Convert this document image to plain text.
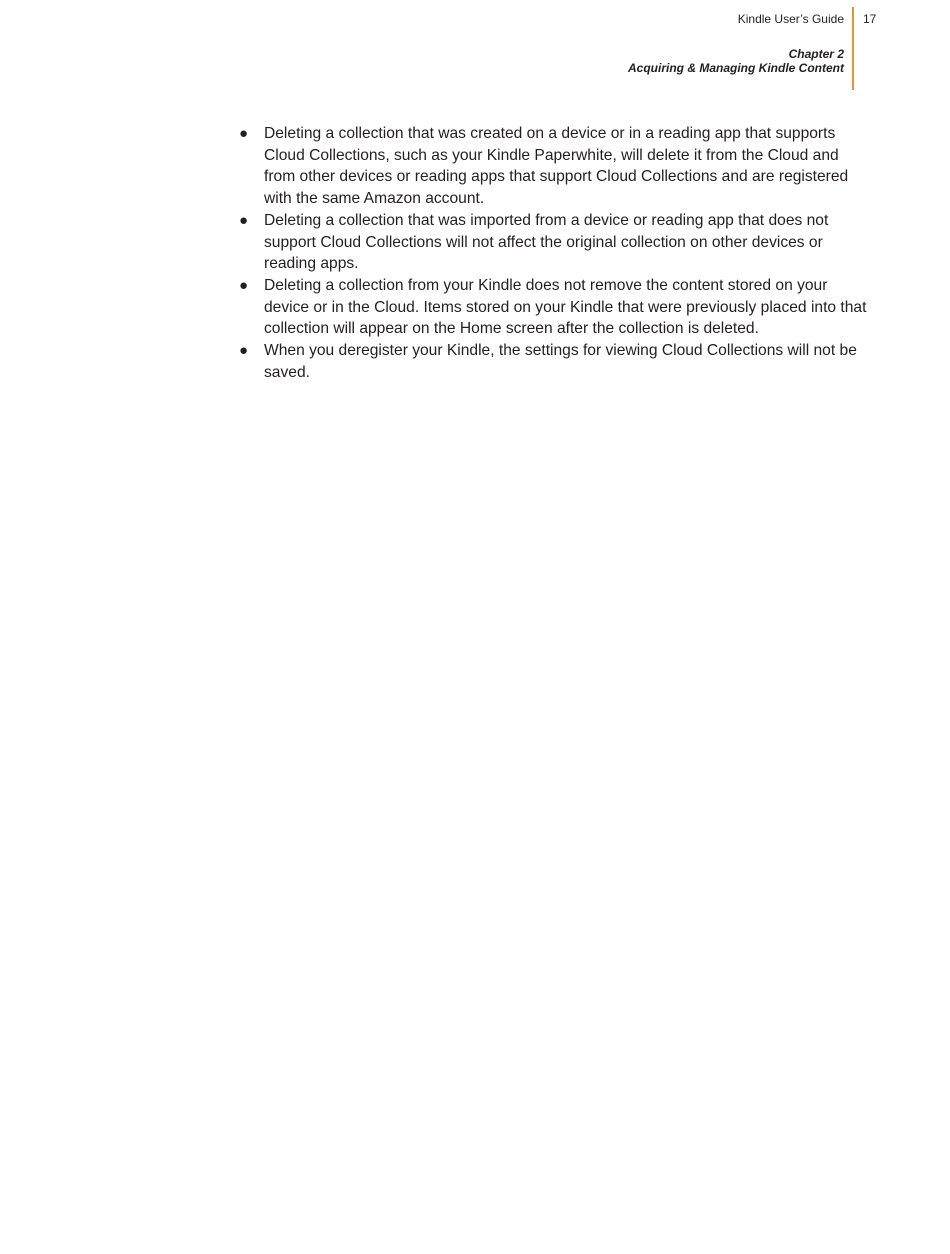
Kindle User’s Guide 17
Chapter 2
Acquiring & Managing Kindle Content
● Deleting a collection that was created on a device or in a reading app that supports Cloud Collections, such as your Kindle Paperwhite, will delete it from the Cloud and from other devices or reading apps that support Cloud Collections and are registered with the same Amazon account.
● Deleting a collection that was imported from a device or reading app that does not support Cloud Collections will not affect the original collection on other devices or reading apps.
● Deleting a collection from your Kindle does not remove the content stored on your device or in the Cloud. Items stored on your Kindle that were previously placed into that collection will appear on the Home screen after the collection is deleted.
● When you deregister your Kindle, the settings for viewing Cloud Collections will not be saved.
